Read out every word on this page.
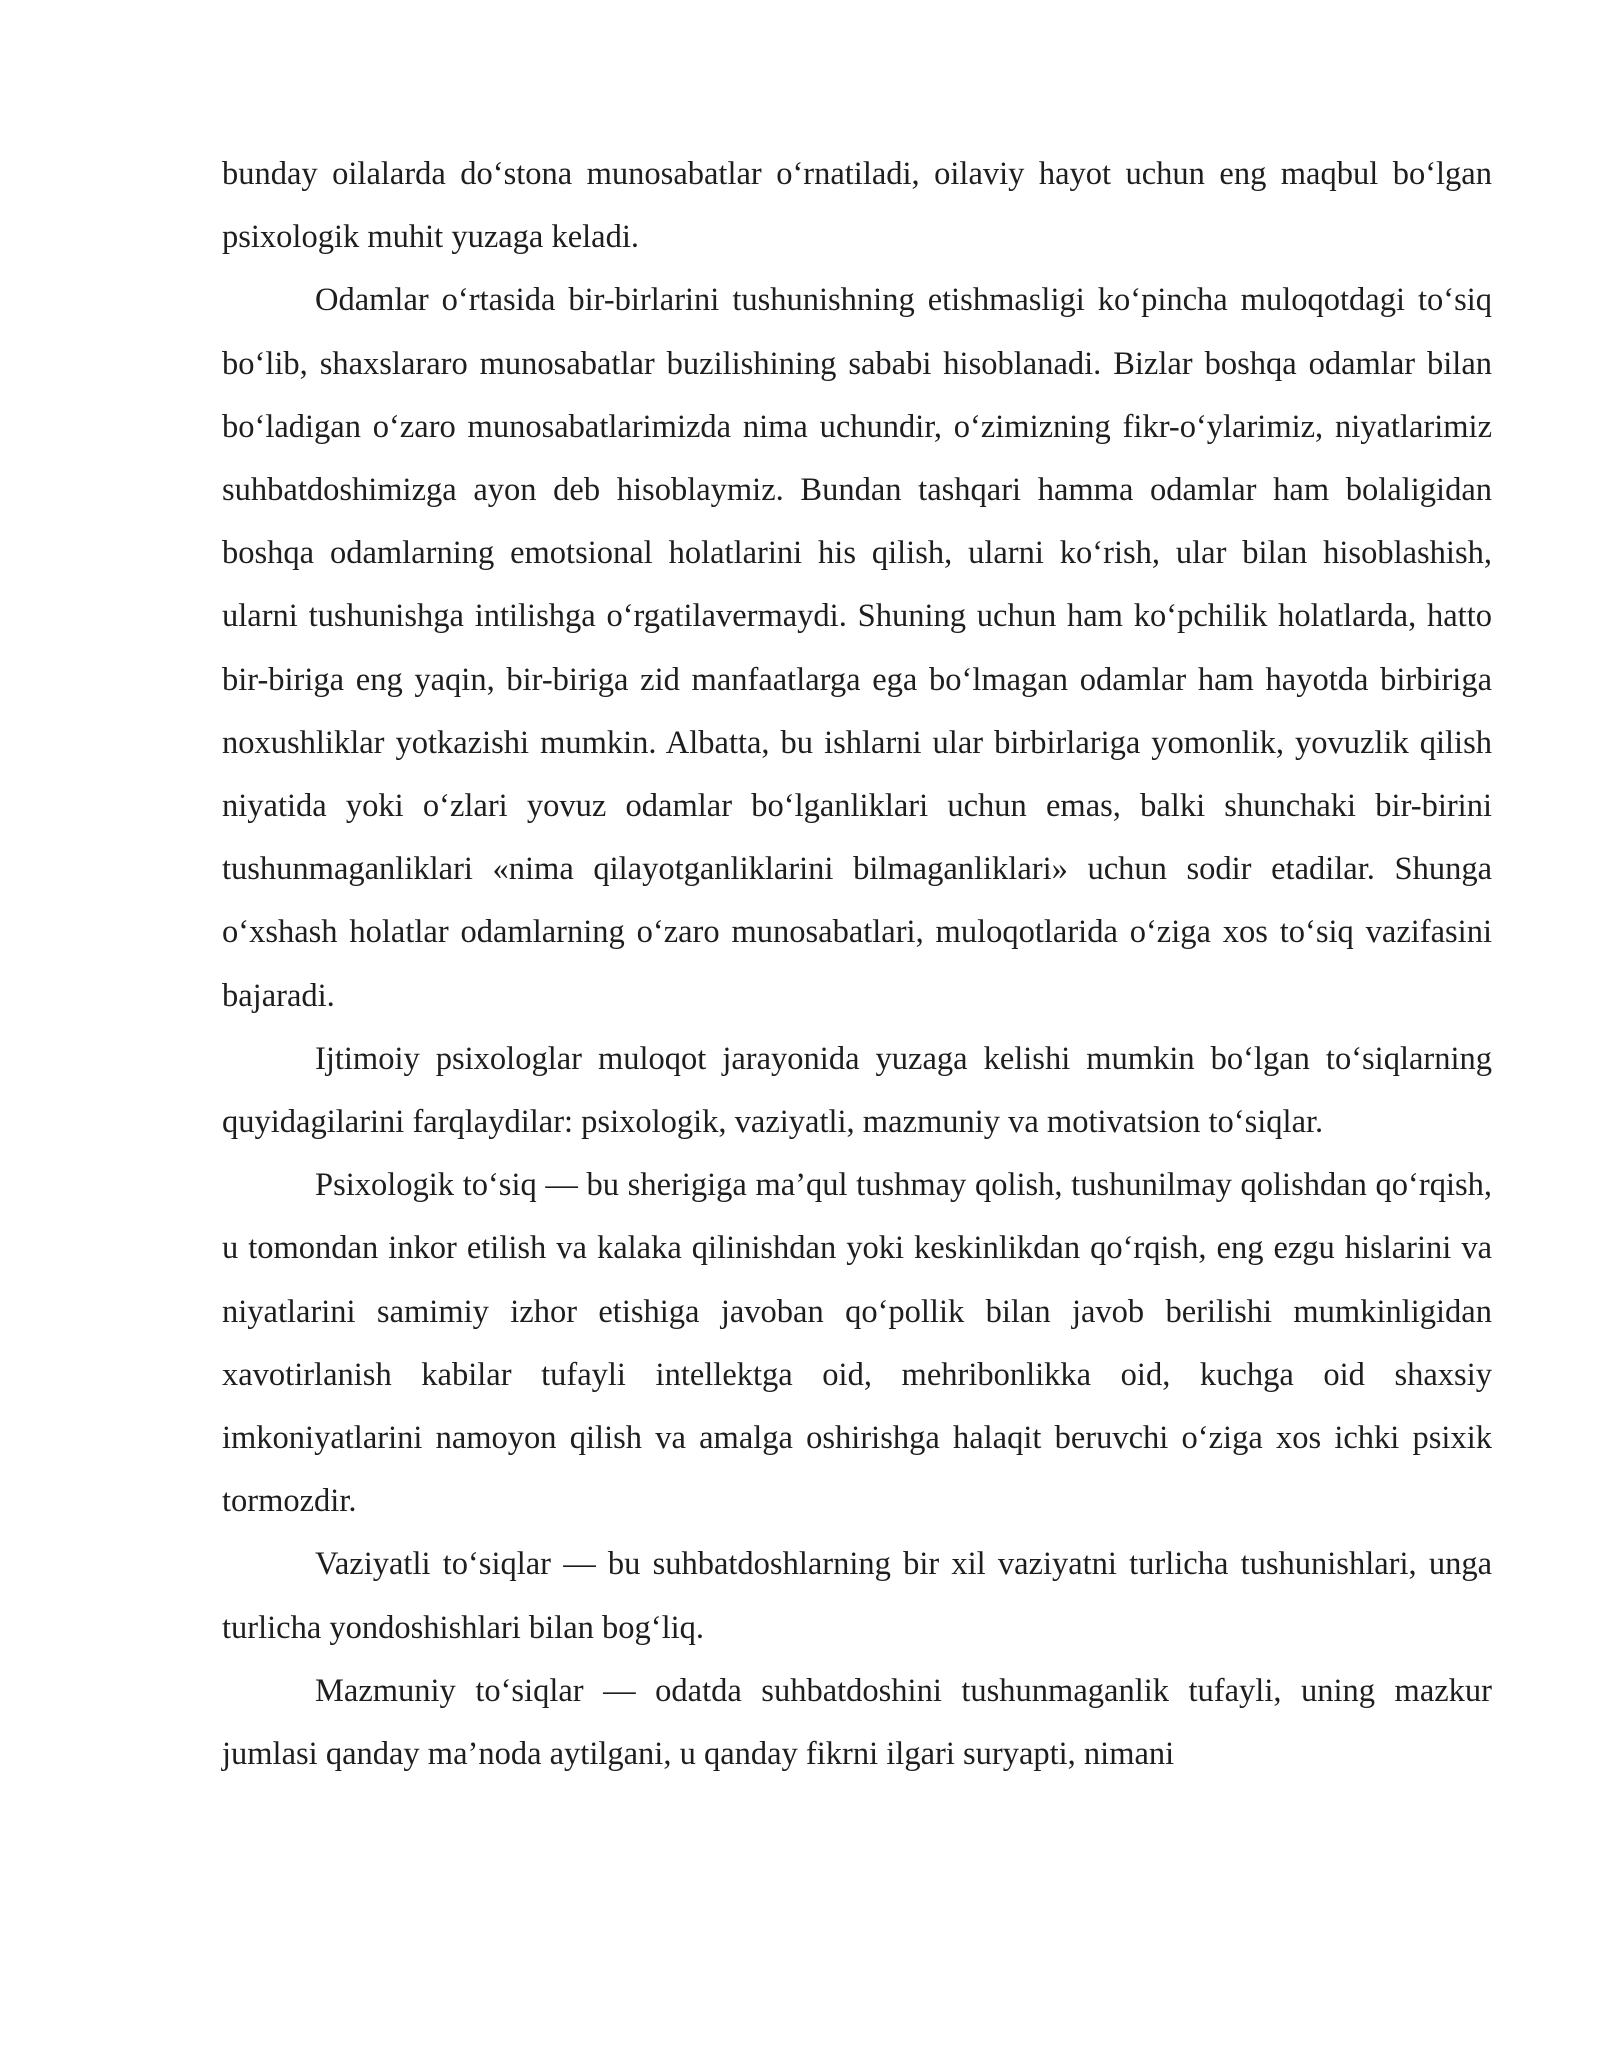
bunday oilalarda do‘stona munosabatlar o‘rnatiladi, oilaviy hayot uchun eng maqbul bo‘lgan psixologik muhit yuzaga keladi.

Odamlar o‘rtasida bir-birlarini tushunishning etishmasligi ko‘pincha muloqotdagi to‘siq bo‘lib, shaxslararo munosabatlar buzilishining sababi hisoblanadi. Bizlar boshqa odamlar bilan bo‘ladigan o‘zaro munosabatlarimizda nima uchundir, o‘zimizning fikr-o‘ylarimiz, niyatlarimiz suhbatdoshimizga ayon deb hisoblaymiz. Bundan tashqari hamma odamlar ham bolaligidan boshqa odamlarning emotsional holatlarini his qilish, ularni ko‘rish, ular bilan hisoblashish, ularni tushunishga intilishga o‘rgatilavermaydi. Shuning uchun ham ko‘pchilik holatlarda, hatto bir-biriga eng yaqin, bir-biriga zid manfaatlarga ega bo‘lmagan odamlar ham hayotda birbiriga noxushliklar yotkazishi mumkin. Albatta, bu ishlarni ular birbirlariga yomonlik, yovuzlik qilish niyatida yoki o‘zlari yovuz odamlar bo‘lganliklari uchun emas, balki shunchaki bir-birini tushunmaganliklari «nima qilayotganliklarini bilmaganliklari» uchun sodir etadilar. Shunga o‘xshash holatlar odamlarning o‘zaro munosabatlari, muloqotlarida o‘ziga xos to‘siq vazifasini bajaradi.

Ijtimoiy psixologlar muloqot jarayonida yuzaga kelishi mumkin bo‘lgan to‘siqlarning quyidagilarini farqlaydilar: psixologik, vaziyatli, mazmuniy va motivatsion to‘siqlar.

Psixologik to‘siq — bu sherigiga ma’qul tushmay qolish, tushunilmay qolishdan qo‘rqish, u tomondan inkor etilish va kalaka qilinishdan yoki keskinlikdan qo‘rqish, eng ezgu hislarini va niyatlarini samimiy izhor etishiga javoban qo‘pollik bilan javob berilishi mumkinligidan xavotirlanish kabilar tufayli intellektga oid, mehribonlikka oid, kuchga oid shaxsiy imkoniyatlarini namoyon qilish va amalga oshirishga halaqit beruvchi o‘ziga xos ichki psixik tormozdir.

Vaziyatli to‘siqlar — bu suhbatdoshlarning bir xil vaziyatni turlicha tushunishlari, unga turlicha yondoshishlari bilan bog‘liq.

Mazmuniy to‘siqlar — odatda suhbatdoshini tushunmaganlik tufayli, uning mazkur jumlasi qanday ma’noda aytilgani, u qanday fikrni ilgari suryapti, nimani
